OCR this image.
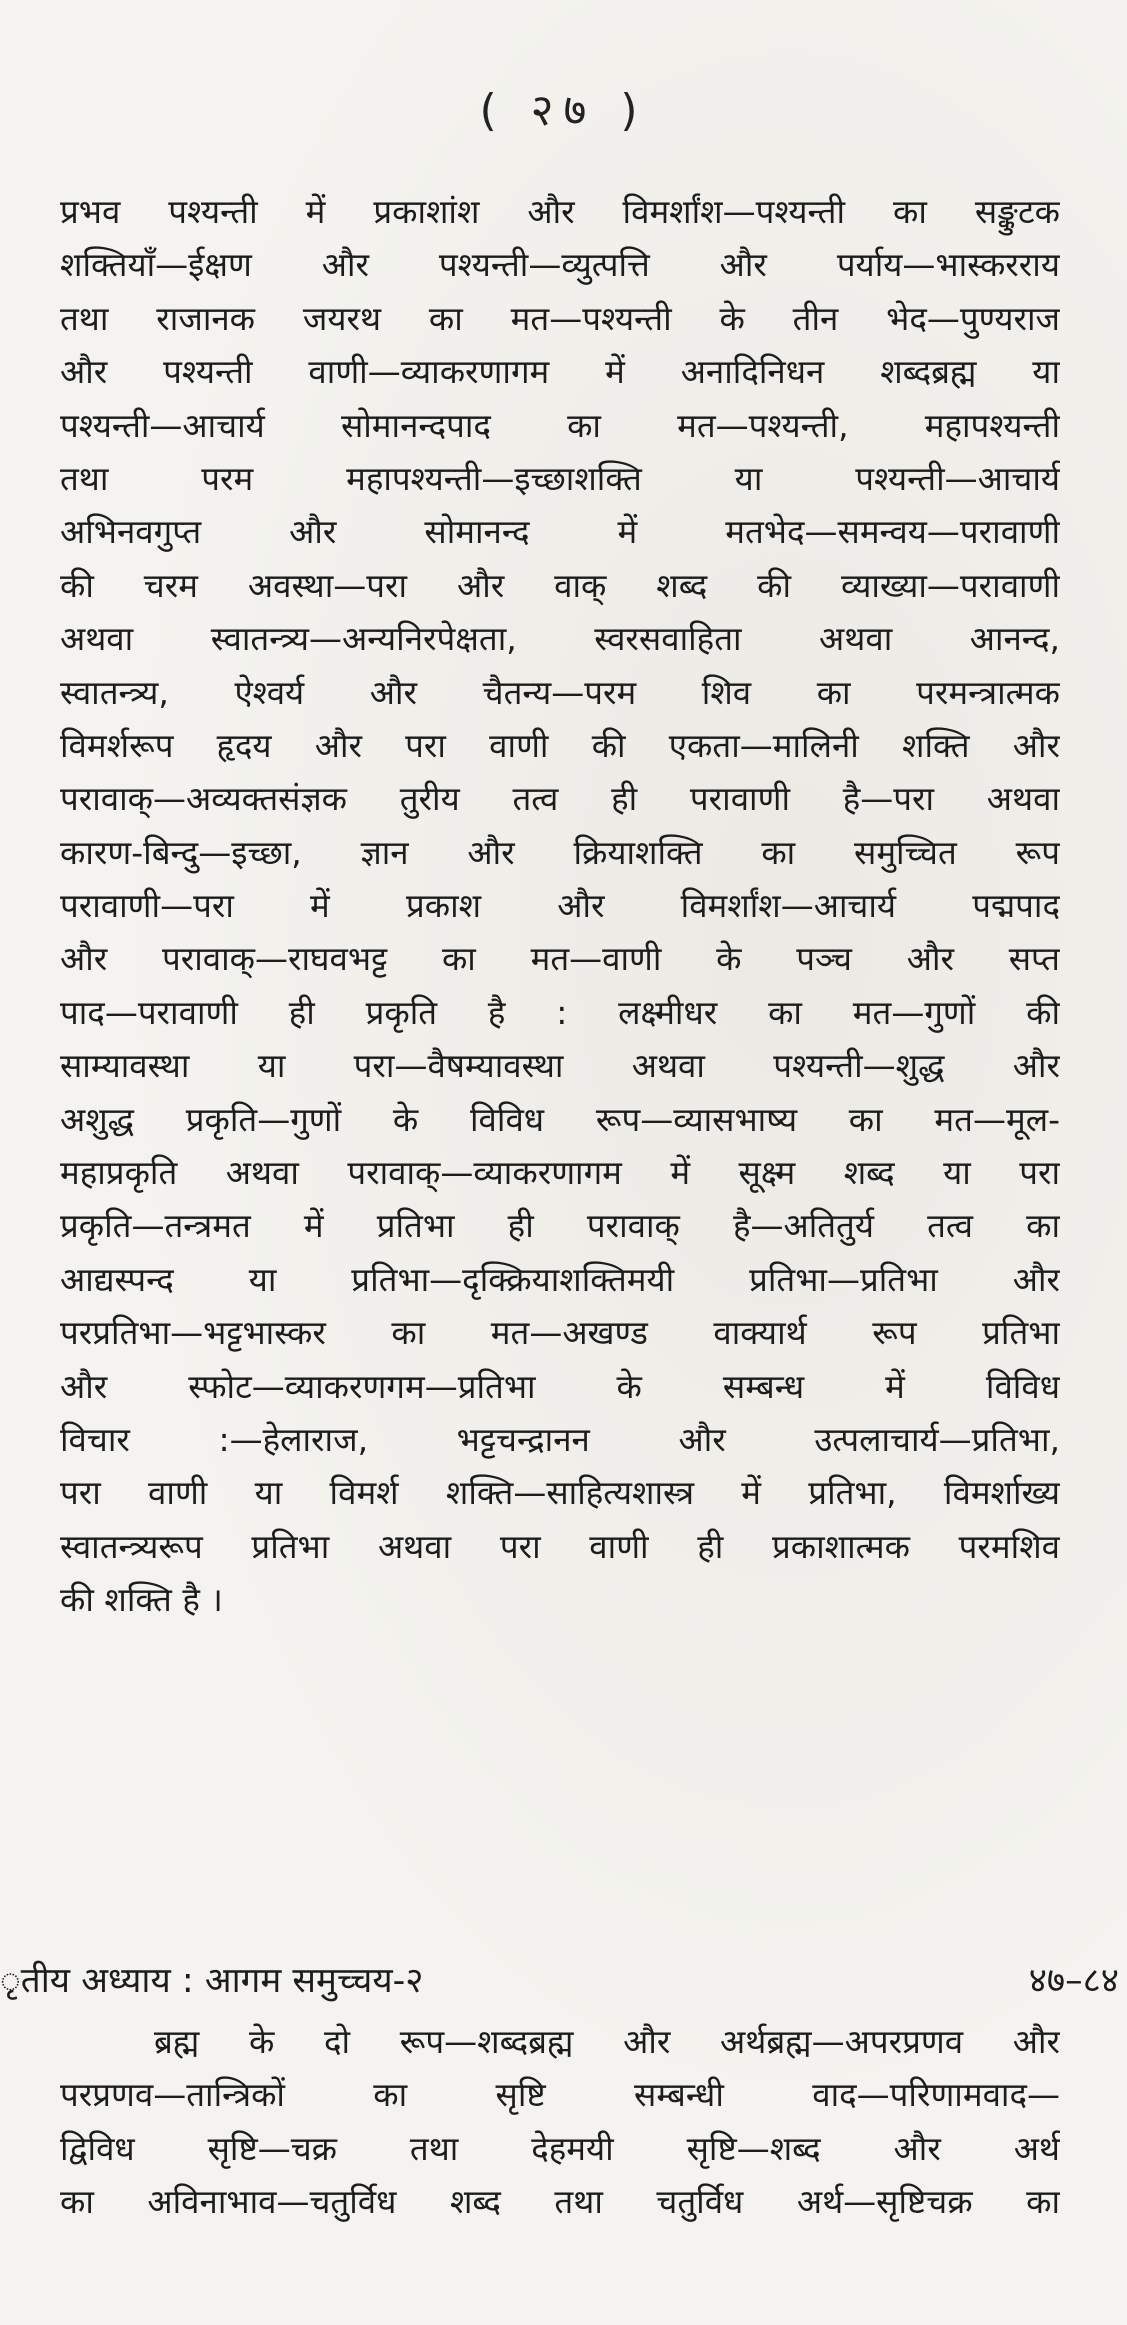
( २७ )
प्रभव पश्यन्ती में प्रकाशांश और विमर्शांश—पश्यन्ती का सङ्कुटक
शक्तियाँ—ईक्षण और पश्यन्ती—व्युत्पत्ति और पर्याय—भास्करराय
तथा राजानक जयरथ का मत—पश्यन्ती के तीन भेद—पुण्यराज
और पश्यन्ती वाणी—व्याकरणागम में अनादिनिधन शब्दब्रह्म या
पश्यन्ती—आचार्य सोमानन्दपाद का मत—पश्यन्ती, महापश्यन्ती
तथा परम महापश्यन्ती—इच्छाशक्ति या पश्यन्ती—आचार्य
अभिनवगुप्त और सोमानन्द में मतभेद—समन्वय—परावाणी
की चरम अवस्था—परा और वाक् शब्द की व्याख्या—परावाणी
अथवा स्वातन्त्र्य—अन्यनिरपेक्षता, स्वरसवाहिता अथवा आनन्द,
स्वातन्त्र्य, ऐश्वर्य और चैतन्य—परम शिव का परमन्त्रात्मक
विमर्शरूप हृदय और परा वाणी की एकता—मालिनी शक्ति और
परावाक्—अव्यक्तसंज्ञक तुरीय तत्व ही परावाणी है—परा अथवा
कारण-बिन्दु—इच्छा, ज्ञान और क्रियाशक्ति का समुच्चित रूप
परावाणी—परा में प्रकाश और विमर्शांश—आचार्य पद्मपाद
और परावाक्—राघवभट्ट का मत—वाणी के पञ्च और सप्त
पाद—परावाणी ही प्रकृति है : लक्ष्मीधर का मत—गुणों की
साम्यावस्था या परा—वैषम्यावस्था अथवा पश्यन्ती—शुद्ध और
अशुद्ध प्रकृति—गुणों के विविध रूप—व्यासभाष्य का मत—मूल-
महाप्रकृति अथवा परावाक्—व्याकरणागम में सूक्ष्म शब्द या परा
प्रकृति—तन्त्रमत में प्रतिभा ही परावाक् है—अतितुर्य तत्व का
आद्यस्पन्द या प्रतिभा—दृक्क्रियाशक्तिमयी प्रतिभा—प्रतिभा और
परप्रतिभा—भट्टभास्कर का मत—अखण्ड वाक्यार्थ रूप प्रतिभा
और स्फोट—व्याकरणगम—प्रतिभा के सम्बन्ध में विविध
विचार :—हेलाराज, भट्टचन्द्रानन और उत्पलाचार्य—प्रतिभा,
परा वाणी या विमर्श शक्ति—साहित्यशास्त्र में प्रतिभा, विमर्शाख्य
स्वातन्त्र्यरूप प्रतिभा अथवा परा वाणी ही प्रकाशात्मक परमशिव
की शक्ति है ।
ृतीय अध्याय : आगम समुच्चय-२	४७–८४
ब्रह्म के दो रूप—शब्दब्रह्म और अर्थब्रह्म—अपरप्रणव और
परप्रणव—तान्त्रिकों का सृष्टि सम्बन्धी वाद—परिणामवाद—
द्विविध सृष्टि—चक्र तथा देहमयी सृष्टि—शब्द और अर्थ
का अविनाभाव—चतुर्विध शब्द तथा चतुर्विध अर्थ—सृष्टिचक्र का
